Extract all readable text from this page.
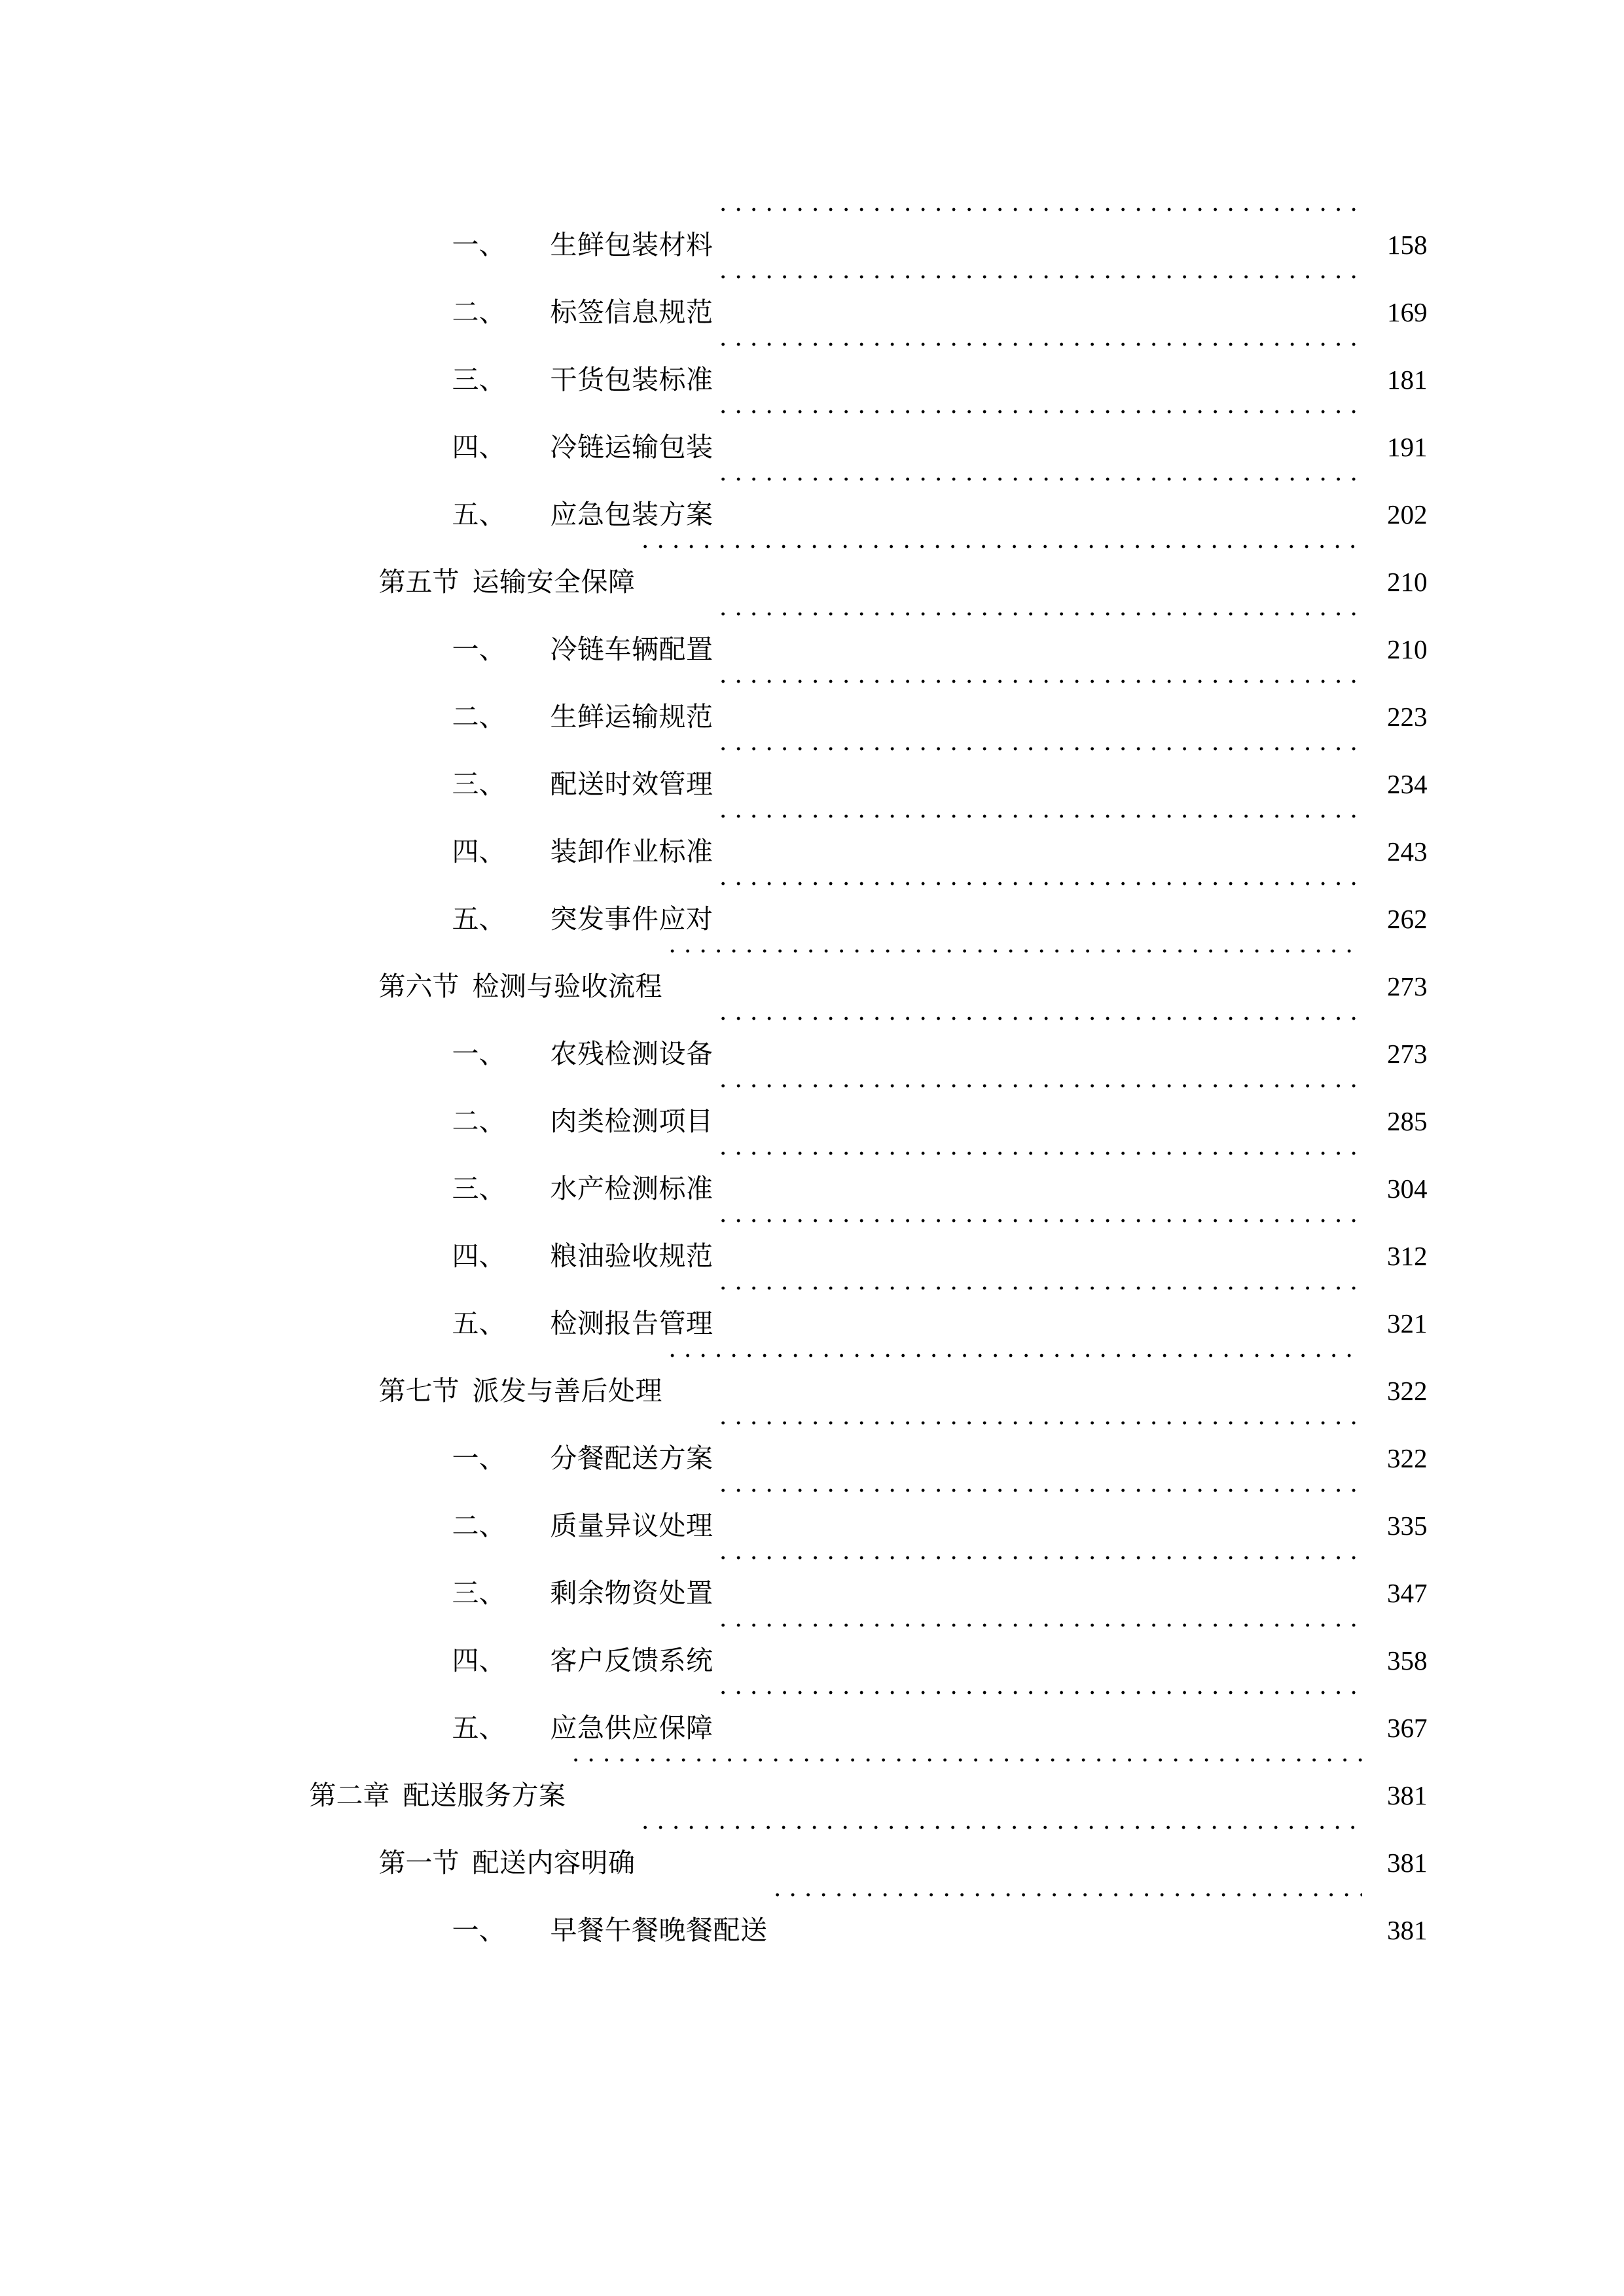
一、	生鲜包装材料 . . .	158
二、	标签信息规范 . . .	169
三、	干货包装标准 . . .	181
四、	冷链运输包装 . . .	191
五、	应急包装方案 . . .	202
第五节 运输安全保障 . . .	210
一、	冷链车辆配置 . . .	210
二、	生鲜运输规范 . . .	223
三、	配送时效管理 . . .	234
四、	装卸作业标准 . . .	243
五、	突发事件应对 . . .	262
第六节 检测与验收流程 . . .	273
一、	农残检测设备 . . .	273
二、	肉类检测项目 . . .	285
三、	水产检测标准 . . .	304
四、	粮油验收规范 . . .	312
五、	检测报告管理 . . .	321
第七节 派发与善后处理 . . .	322
一、	分餐配送方案 . . .	322
二、	质量异议处理 . . .	335
三、	剩余物资处置 . . .	347
四、	客户反馈系统 . . .	358
五、	应急供应保障 . . .	367
第二章 配送服务方案 . . .	381
第一节 配送内容明确 . . .	381
一、	早餐午餐晚餐配送 . . .	381
